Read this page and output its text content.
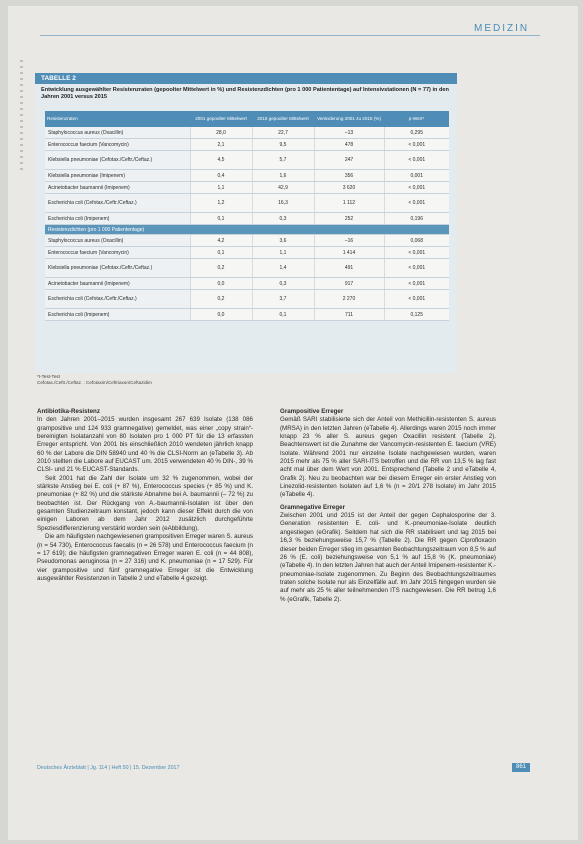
MEDIZIN
TABELLE 2
Entwicklung ausgewählter Resistenzraten (gepoolter Mittelwert in %) und Resistenzdichten (pro 1 000 Patiententage) auf Intensivstationen (N = 77) in den Jahren 2001 versus 2015
Resistenzraten	2001 gepoolter Mittelwert	2015 gepoolter Mittelwert	Veränderung 2001 zu 2015 (%)	p-Wert*
Staphylococcus aureus (Oxacillin)	28,0	22,7	–13	0,295
Enterococcus faecium (Vancomycin)	2,1	9,5	478	< 0,001
Klebsiella pneumoniae (Cefotax./Ceftr./Ceftaz.)	4,5	5,7	247	< 0,001
Klebsiella pneumoniae (Imipenem)	0,4	1,6	356	0,001
Acinetobacter baumannii (Imipenem)	1,1	42,9	3 620	< 0,001
Escherichia coli (Cefotax./Ceftr./Ceftaz.)	1,2	16,3	1 112	< 0,001
Escherichia coli (Imipenem)	0,1	0,3	252	0,196
Resistenzdichten (pro 1 000 Patiententage)				
Staphylococcus aureus (Oxacillin)	4,2	3,6	–16	0,068
Enterococcus faecium (Vancomycin)	0,1	1,1	1 414	< 0,001
Klebsiella pneumoniae (Cefotax./Ceftr./Ceftaz.)	0,2	1,4	491	< 0,001
Acinetobacter baumannii (Imipenem)	0,0	0,3	917	< 0,001
Escherichia coli (Cefotax./Ceftr./Ceftaz.)	0,2	3,7	2 270	< 0,001
Escherichia coli (Imipenem)	0,0	0,1	711	0,125
*t-Test-Test
Cefotax./Ceftr./Ceftaz. : Cefotaxim/Ceftriaxon/Ceftazidim

Antibiotika-Resistenz

In den Jahren 2001–2015 wurden insgesamt 267 639 Isolate (138 086 grampositive und 124 933 gramnegative) gemeldet, was einer „copy strain“-bereinigten Isolatanzahl von 80 Isolaten pro 1 000 PT für die 13 erfassten Erreger entspricht. Von 2001 bis einschließlich 2010 wendeten jährlich knapp 60 % der Labore die DIN 58940 und 40 % die CLSI-Norm an (eTabelle 3). Ab 2010 stellten die Labore auf EUCAST um. 2015 verwendeten 40 % DIN-, 39 % CLSI- und 21 % EUCAST-Standards.

Seit 2001 hat die Zahl der Isolate um 32 % zugenommen, wobei der stärkste Anstieg bei E. coli (+ 87 %), Enterococcus species (+ 85 %) und K. pneumoniae (+ 82 %) und die stärkste Abnahme bei A. baumannii (– 72 %) zu beobachten ist. Der Rückgang von A.-baumannii-Isolaten ist über den gesamten Studienzeitraum konstant, jedoch kann dieser Effekt durch die von einigen Laboren ab dem Jahr 2012 zusätzlich durchgeführte Speziesdifferenzierung verstärkt worden sein (eAbbildung).

Die am häufigsten nachgewiesenen grampositiven Erreger waren S. aureus (n = 54 730), Enterococcus faecalis (n = 26 578) und Enterococcus faecium (n = 17 619); die häufigsten gramnegativen Erreger waren E. coli (n = 44 808), Pseudomonas aeruginosa (n = 27 316) und K. pneumoniae (n = 17 529). Für vier grampositive und fünf gramnegative Erreger ist die Entwicklung ausgewählter Resistenzen in Tabelle 2 und eTabelle 4 gezeigt.

Grampositive Erreger

Gemäß SARI stabilisierte sich der Anteil von Methicillin-resistenten S. aureus (MRSA) in den letzten Jahren (eTabelle 4). Allerdings waren 2015 noch immer knapp 23 % aller S. aureus gegen Oxacillin resistent (Tabelle 2). Beachtenswert ist die Zunahme der Vancomycin-resistenten E. faecium (VRE) Isolate. Während 2001 nur einzelne Isolate nachgewiesen wurden, waren 2015 mehr als 75 % aller SARI-ITS betroffen und die RR von 13,5 % lag fast acht mal über dem Wert von 2001. Entsprechend (Tabelle 2 und eTabelle 4, Grafik 2). Neu zu beobachten war bei diesem Erreger ein erster Anstieg von Linezolid-resistenten Isolaten auf 1,6 % (n = 20/1 278 Isolate) im Jahr 2015 (eTabelle 4).

Gramnegative Erreger

Zwischen 2001 und 2015 ist der Anteil der gegen Cephalosporine der 3. Generation resistenten E. coli- und K.-pneumoniae-Isolate deutlich angestiegen (eGrafik). Seitdem hat sich die RR stabilisiert und lag 2015 bei 16,3 % beziehungsweise 15,7 % (Tabelle 2). Die RR gegen Ciprofloxacin dieser beiden Erreger stieg im gesamten Beobachtungszeitraum von 8,5 % auf 26 % (E. coli) beziehungsweise von 5,1 % auf 15,8 % (K. pneumoniae) (eTabelle 4). In den letzten Jahren hat auch der Anteil Imipenem-resistenter K.-pneumoniae-Isolate zugenommen. Zu Beginn des Beobachtungszeitraumes traten solche Isolate nur als Einzelfälle auf. Im Jahr 2015 hingegen wurden sie auf mehr als 25 % aller teilnehmenden ITS nachgewiesen. Die RR betrug 1,6 % (eGrafik, Tabelle 2).

Deutsches Ärzteblatt | Jg. 114 | Heft 50 | 15. Dezember 2017	861
